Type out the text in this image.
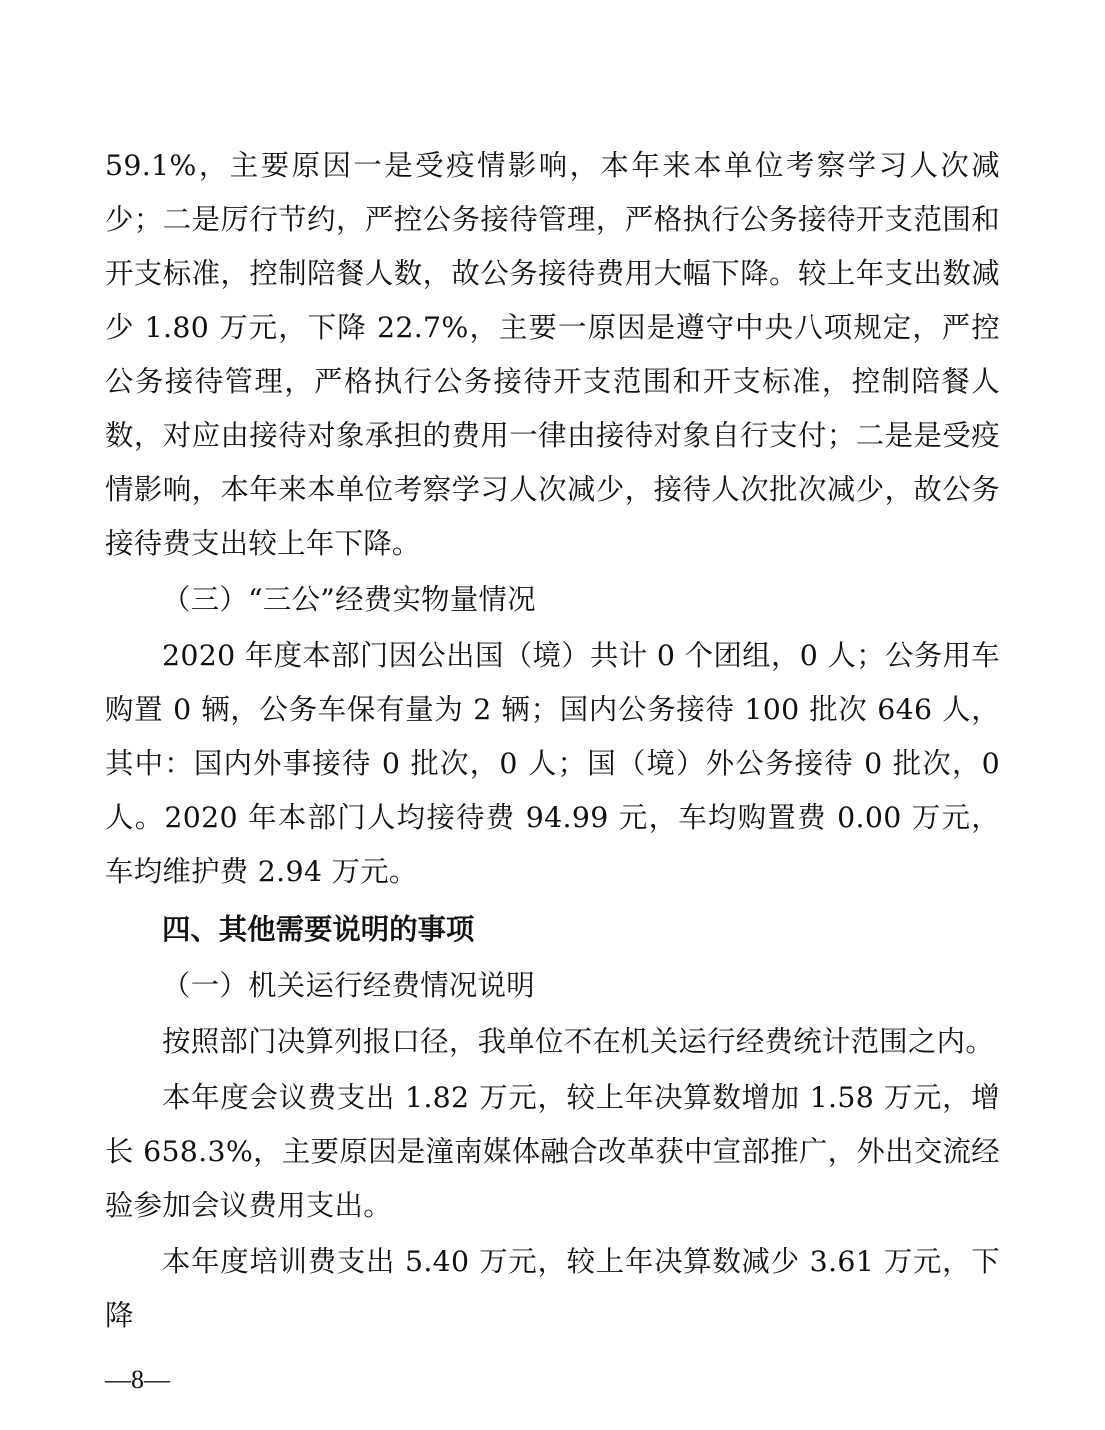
59.1%，主要原因一是受疫情影响，本年来本单位考察学习人次减少；二是厉行节约，严控公务接待管理，严格执行公务接待开支范围和开支标准，控制陪餐人数，故公务接待费用大幅下降。较上年支出数减少 1.80 万元，下降 22.7%，主要一原因是遵守中央八项规定，严控公务接待管理，严格执行公务接待开支范围和开支标准，控制陪餐人数，对应由接待对象承担的费用一律由接待对象自行支付；二是是受疫情影响，本年来本单位考察学习人次减少，接待人次批次减少，故公务接待费支出较上年下降。

（三）“三公”经费实物量情况

2020 年度本部门因公出国（境）共计 0 个团组，0 人；公务用车购置 0 辆，公务车保有量为 2 辆；国内公务接待 100 批次 646 人，其中：国内外事接待 0 批次，0 人；国（境）外公务接待 0 批次，0 人。2020 年本部门人均接待费 94.99 元，车均购置费 0.00 万元，车均维护费 2.94 万元。

四、其他需要说明的事项

（一）机关运行经费情况说明

按照部门决算列报口径，我单位不在机关运行经费统计范围之内。

本年度会议费支出 1.82 万元，较上年决算数增加 1.58 万元，增长 658.3%，主要原因是潼南媒体融合改革获中宣部推广，外出交流经验参加会议费用支出。

本年度培训费支出 5.40 万元，较上年决算数减少 3.61 万元，下降

—8—
